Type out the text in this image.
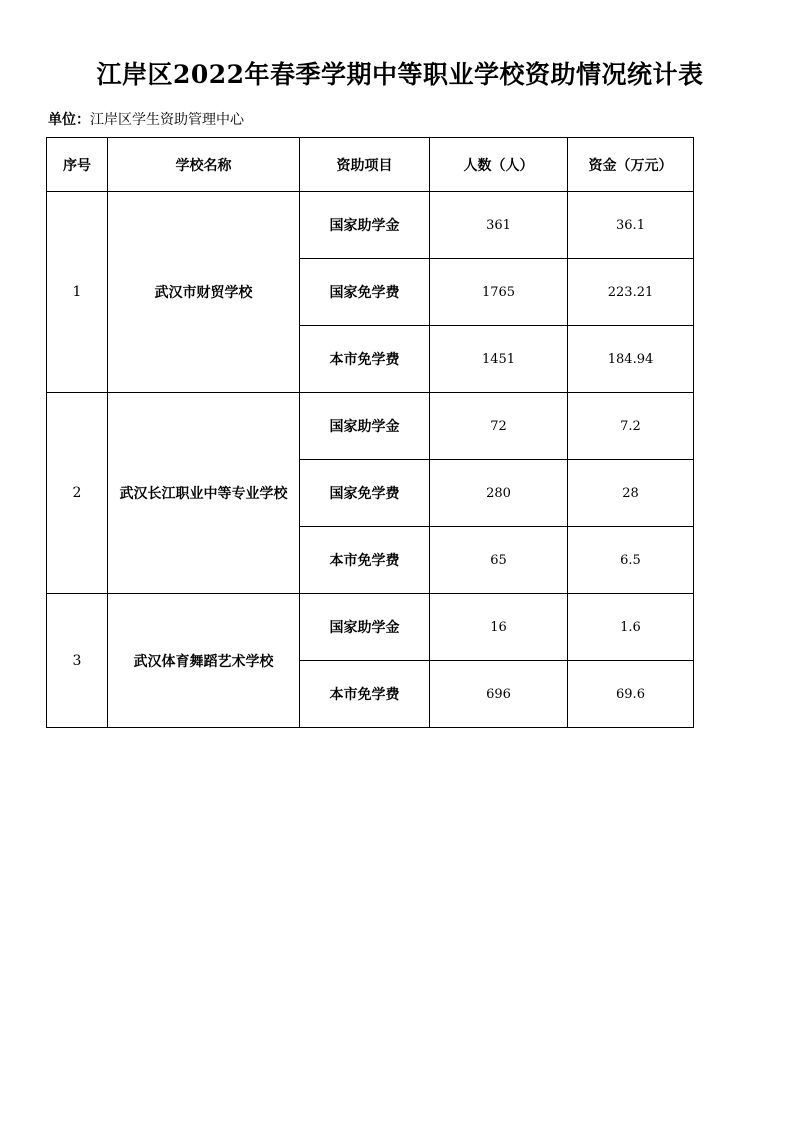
江岸区2022年春季学期中等职业学校资助情况统计表
单位：江岸区学生资助管理中心
序号	学校名称	资助项目	人数（人）	资金（万元）
1	武汉市财贸学校	国家助学金	361	36.1
		国家免学费	1765	223.21
		本市免学费	1451	184.94
2	武汉长江职业中等专业学校	国家助学金	72	7.2
		国家免学费	280	28
		本市免学费	65	6.5
3	武汉体育舞蹈艺术学校	国家助学金	16	1.6
		本市免学费	696	69.6
